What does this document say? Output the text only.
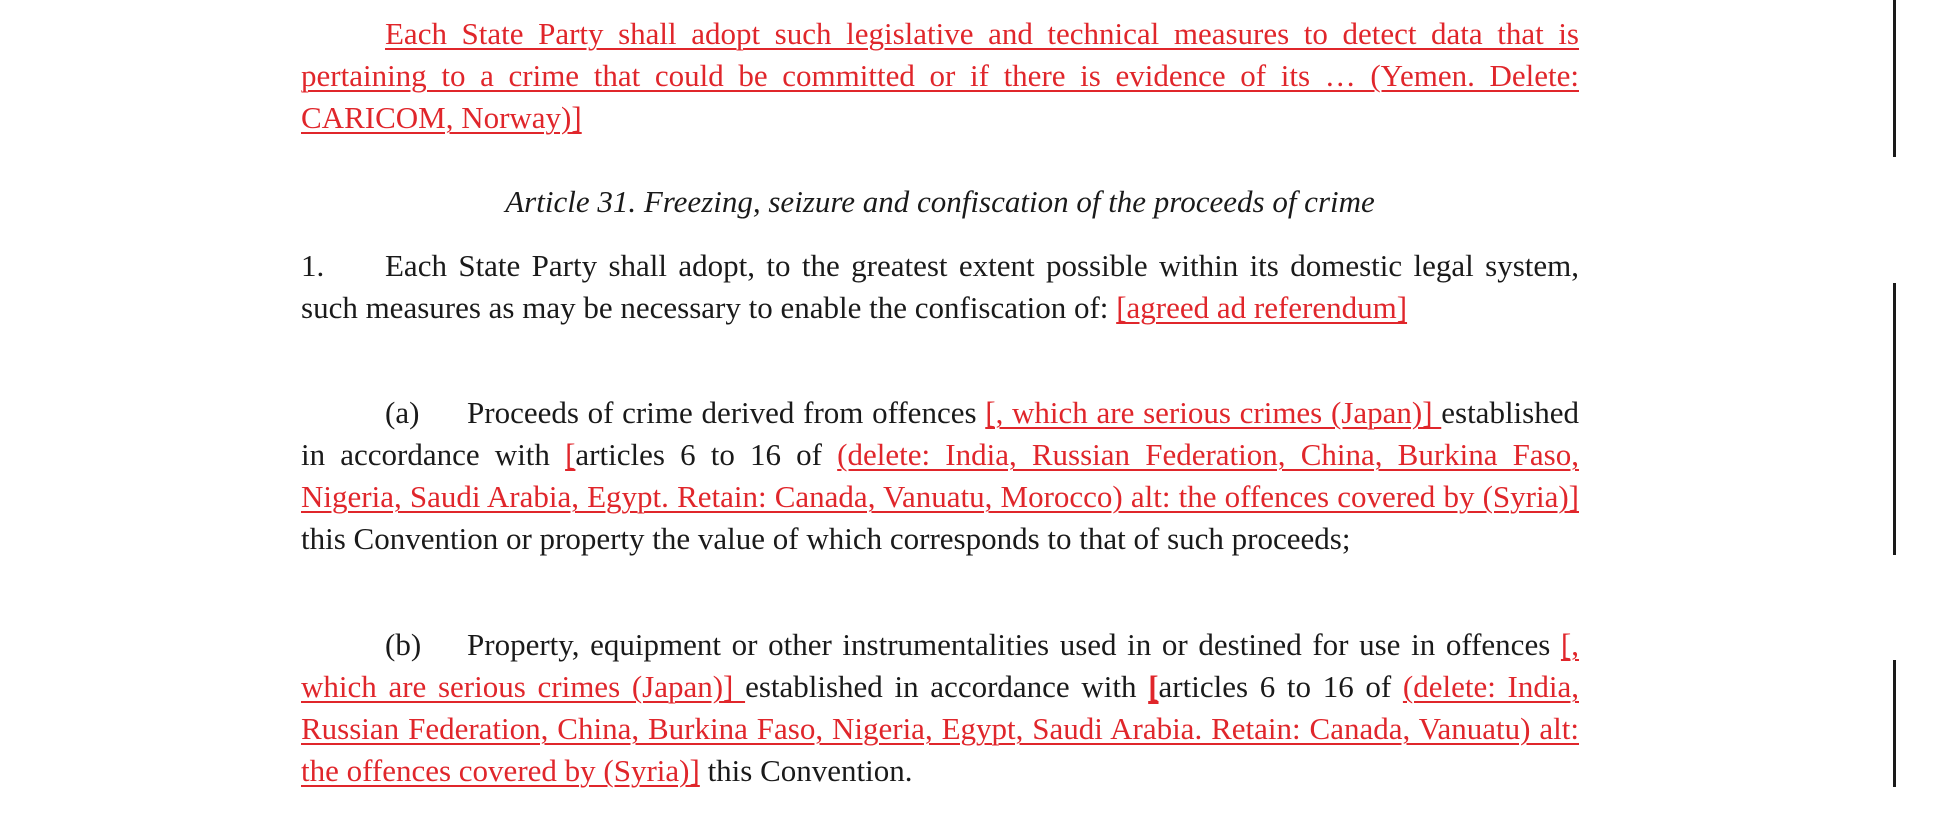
Each State Party shall adopt such legislative and technical measures to detect data that is pertaining to a crime that could be committed or if there is evidence of its … (Yemen. Delete: CARICOM, Norway)]

Article 31. Freezing, seizure and confiscation of the proceeds of crime

1. Each State Party shall adopt, to the greatest extent possible within its domestic legal system, such measures as may be necessary to enable the confiscation of: [agreed ad referendum]

(a) Proceeds of crime derived from offences [, which are serious crimes (Japan)] established in accordance with [articles 6 to 16 of (delete: India, Russian Federation, China, Burkina Faso, Nigeria, Saudi Arabia, Egypt. Retain: Canada, Vanuatu, Morocco) alt: the offences covered by (Syria)] this Convention or property the value of which corresponds to that of such proceeds;

(b) Property, equipment or other instrumentalities used in or destined for use in offences [, which are serious crimes (Japan)] established in accordance with [articles 6 to 16 of (delete: India, Russian Federation, China, Burkina Faso, Nigeria, Egypt, Saudi Arabia. Retain: Canada, Vanuatu) alt: the offences covered by (Syria)] this Convention.
